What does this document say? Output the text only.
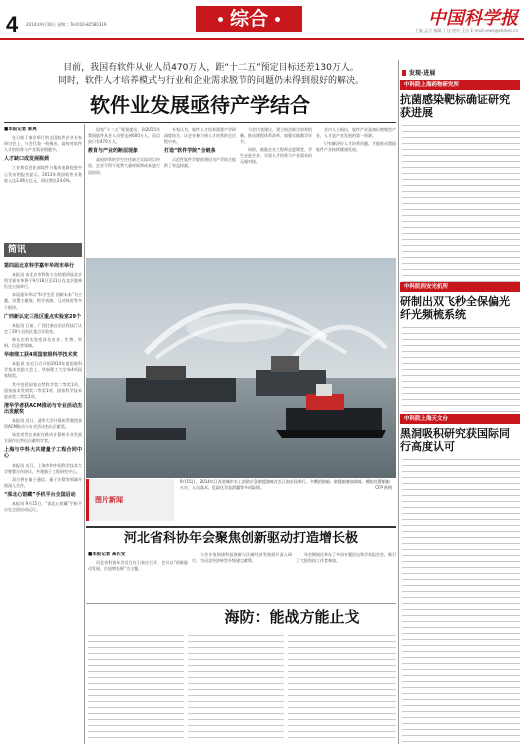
4 2014年9月16日 星期二 Tel:010-82580319	综合	中国科学报
主编 孟方 编辑 丁佳 校对 王庆 E-mail:news@stimes.cn
目前，我国有软件从业人员470万人，距“十二五”预定目标还差130万人。
同时，软件人才培养模式与行业和企业需求脱节的问题仍未得到很好的解决。
软件业发展亟待产学结合

■本报记者 郭爽

在日前于南京举行的全国软件企业专家研讨会上，与会代表一致指出，高校对软件人才的培养与产业需求相脱节。

人才缺口成发展瓶颈

工业和信息化部软件与集成电路促进中心发布的报告显示，2013年我国软件业务收入达3.06万亿元，同比增长24.6%。

简讯

第四届北京科学嘉年华周末举行

本报讯 由北京市科协主办的第四届北京科学嘉年华将于9月18日至21日在北京奥林匹克公园举行。

本届嘉年华以“科学生活 创新未来”为主题，设置主题展、科学表演、互动体验等多个板块。

广西新认定三批区重点实验室29个

本报讯 日前，广西壮族自治区科技厅认定了29个自治区重点实验室。

新认定的实验室涉及农业、生物、材料、信息等领域。

华南理工获4项国家级科学技术奖

本报讯 在近日召开的2014年度国家科学技术奖励大会上，华南理工大学获4项国家级奖。

其中包括国家自然科学奖二等奖1项、国家技术发明奖二等奖1项、国家科学技术进步奖二等奖2项。

清华学者获ACM推动与专业活动杰出贡献奖

本报讯 近日，清华大学计算机系教授获得ACM推动与专业活动杰出贡献奖。

该奖项旨在表彰在推动计算机专业发展方面作出突出贡献的学者。

上海与中科大共建量子工程合同中心

本报讯 近日，上海市和中国科学技术大学签署合作协议，共建量子工程研究中心。

双方将在量子通信、量子计算等领域开展深入合作。

“深北心馆藏”手机平台全国启动

本报讯 9月15日，“深北心馆藏”手机平台在全国启动运行。

国家“十二五”规划提出，到2015年我国软件从业人员要达到600万人，而目前只有470万人。

教育与产业的断层现象

高校培养的学生往往缺乏实际项目经验，企业不得不花费大量时间和成本进行再培训。

专家认为，软件人才培养需要产学研深度结合，让企业参与到人才培养的全过程中来。

打造“软件学院”全链条

示范性软件学院的建设为产学结合提供了有益探索。

与会代表建议，建立校企联合培养机制，推动课程体系改革，加强实践教学环节。

同时，鼓励企业工程师走进课堂，学生走进企业，实现人才培养与产业需求的无缝对接。

业内人士指出，软件产业是知识密集型产业，人才是产业发展的第一资源。

只有解决好人才培养问题，才能推动我国软件产业持续健康发展。

图片新闻
9月15日，2014年江苏省城市水上消防应急救援演练在长江南京段举行。多艘消防船、救援船参加演练，模拟处置船舶火灾、人员落水、危险化学品泄漏等多项险情。	CFP 供图
河北省科协年会聚焦创新驱动打造增长极

■本报记者 高长安

河北省科协年会近日在石家庄召开，会议以“创新驱动发展，打造增长极”为主题。

与会专家围绕科技创新与区域经济发展展开深入研讨，为河北经济转型升级建言献策。

年会期间还举办了多场专题论坛和学术报告会，吸引了大批科技工作者参加。

海防：能战方能止戈
发现·进展
中科院上海药物研究所
抗菌感染靶标确证研究获进展
中科院西安光机所
研制出双飞秒全保偏光纤光频梳系统
中科院上海天文台
黑洞吸积研究获国际同行高度认可
